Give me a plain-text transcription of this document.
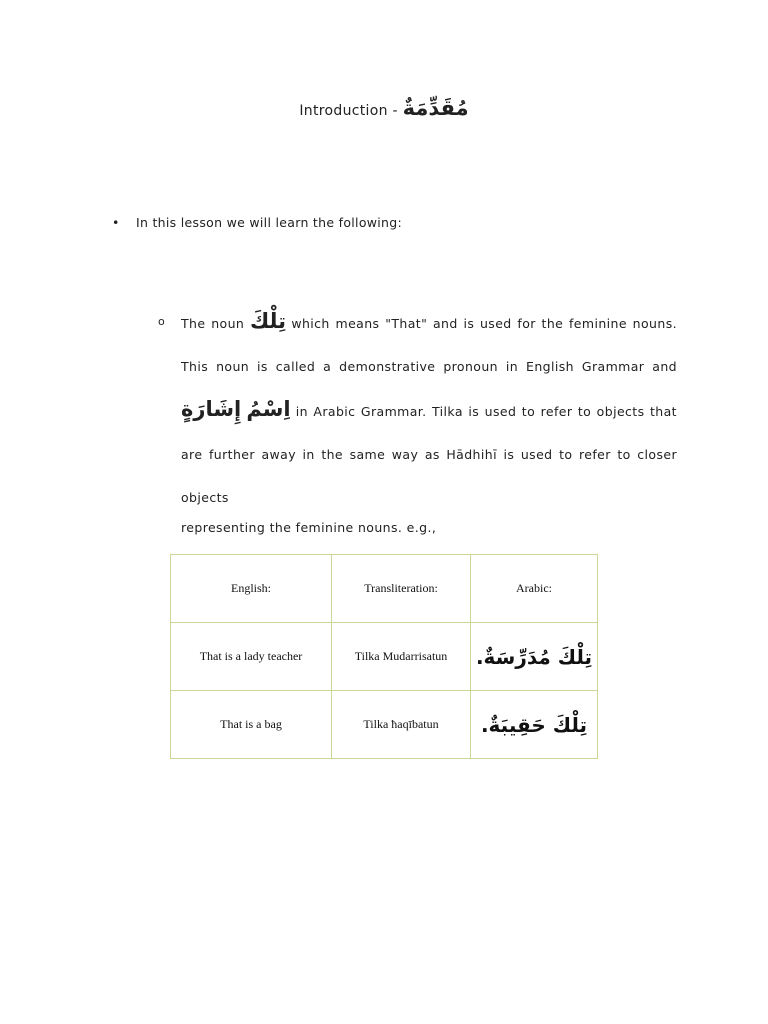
Introduction - مُقَدِّمَةٌ
• In this lesson we will learn the following:
o The noun تِلْكَ which means "That" and is used for the feminine nouns. This noun is called a demonstrative pronoun in English Grammar and اِسْمُ إِشَارَةٍ	in Arabic Grammar. Tilka is used to refer to objects that are further away in the same way as Hādhihī is used to refer to closer objects
representing the feminine nouns. e.g.,
English:	Transliteration:	Arabic:
That is a lady teacher	Tilka Mudarrisatun	تِلْكَ مُدَرِّسَةٌ.
That is a bag	Tilka ħaqībatun	تِلْكَ حَقِيبَةٌ.
